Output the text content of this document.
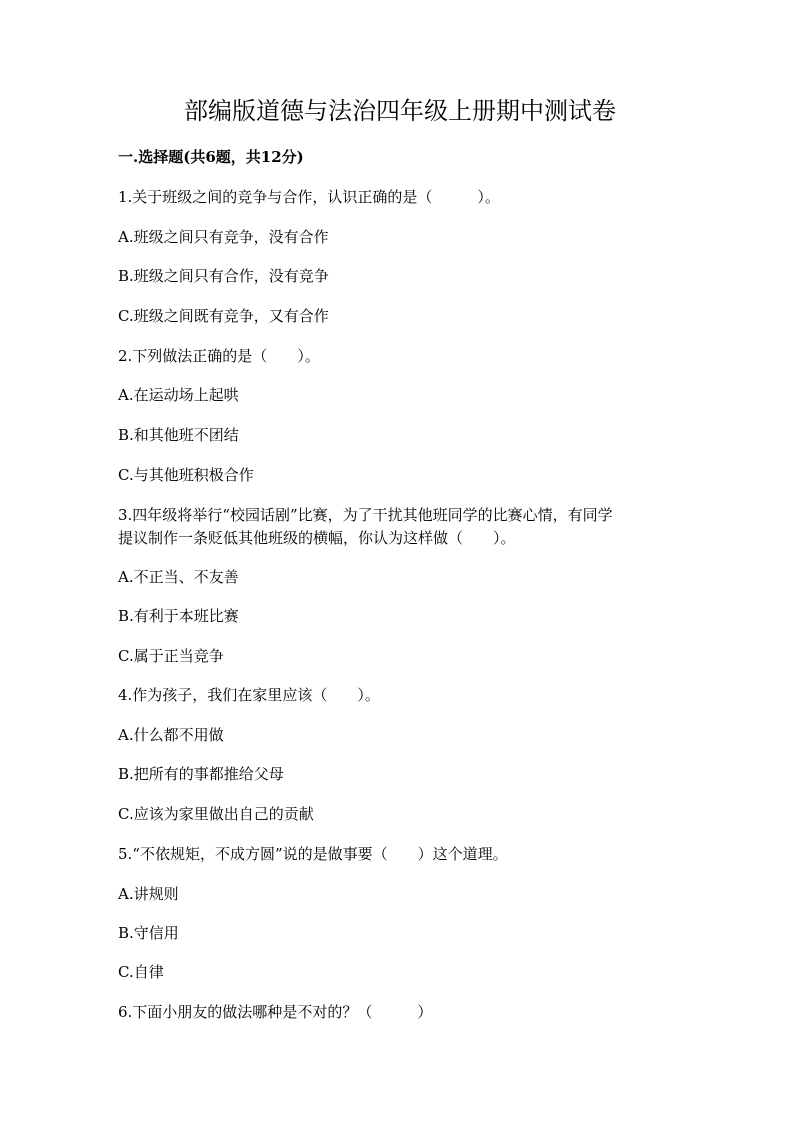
部编版道德与法治四年级上册期中测试卷
一.选择题(共6题，共12分)
1.关于班级之间的竞争与合作，认识正确的是（　　　）。
A.班级之间只有竞争，没有合作
B.班级之间只有合作，没有竞争
C.班级之间既有竞争，又有合作
2.下列做法正确的是（　　）。
A.在运动场上起哄
B.和其他班不团结
C.与其他班积极合作
3.四年级将举行“校园话剧”比赛，为了干扰其他班同学的比赛心情，有同学
提议制作一条贬低其他班级的横幅，你认为这样做（　　）。
A.不正当、不友善
B.有利于本班比赛
C.属于正当竞争
4.作为孩子，我们在家里应该（　　）。
A.什么都不用做
B.把所有的事都推给父母
C.应该为家里做出自己的贡献
5.“不依规矩，不成方圆”说的是做事要（　　）这个道理。
A.讲规则
B.守信用
C.自律
6.下面小朋友的做法哪种是不对的？（　　　）
